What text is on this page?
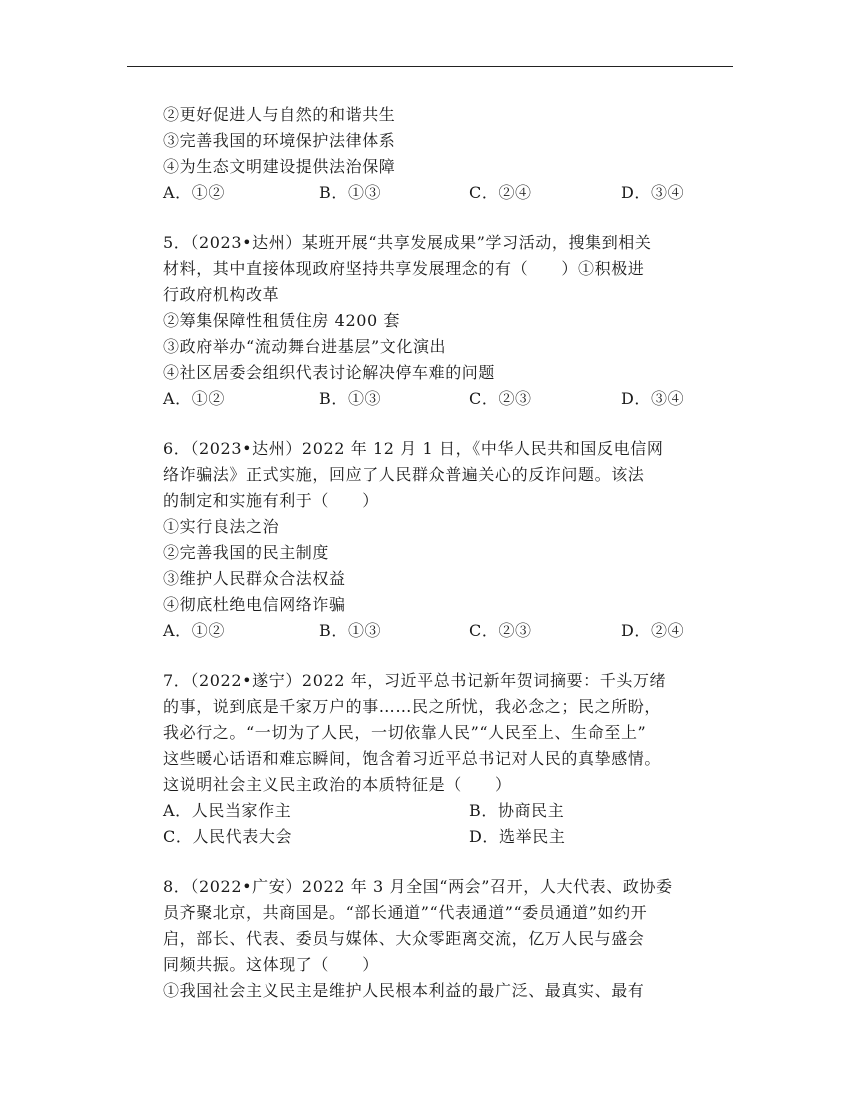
②更好促进人与自然的和谐共生
③完善我国的环境保护法律体系
④为生态文明建设提供法治保障
A．①②	B．①③	C．②④	D．③④
5．（2023•达州）某班开展“共享发展成果”学习活动，搜集到相关
材料，其中直接体现政府坚持共享发展理念的有（　　）①积极进
行政府机构改革
②筹集保障性租赁住房 4200 套
③政府举办“流动舞台进基层”文化演出
④社区居委会组织代表讨论解决停车难的问题
A．①②	B．①③	C．②③	D．③④
6．（2023•达州）2022 年 12 月 1 日，《中华人民共和国反电信网
络诈骗法》正式实施，回应了人民群众普遍关心的反诈问题。该法
的制定和实施有利于（　　）
①实行良法之治
②完善我国的民主制度
③维护人民群众合法权益
④彻底杜绝电信网络诈骗
A．①②	B．①③	C．②③	D．②④
7．（2022•遂宁）2022 年，习近平总书记新年贺词摘要：千头万绪
的事，说到底是千家万户的事……民之所忧，我必念之；民之所盼，
我必行之。“一切为了人民，一切依靠人民”“人民至上、生命至上”
这些暖心话语和难忘瞬间，饱含着习近平总书记对人民的真挚感情。
这说明社会主义民主政治的本质特征是（　　）
A．人民当家作主	B．协商民主
C．人民代表大会	D．选举民主
8．（2022•广安）2022 年 3 月全国“两会”召开，人大代表、政协委
员齐聚北京，共商国是。“部长通道”“代表通道”“委员通道”如约开
启，部长、代表、委员与媒体、大众零距离交流，亿万人民与盛会
同频共振。这体现了（　　）
①我国社会主义民主是维护人民根本利益的最广泛、最真实、最有
